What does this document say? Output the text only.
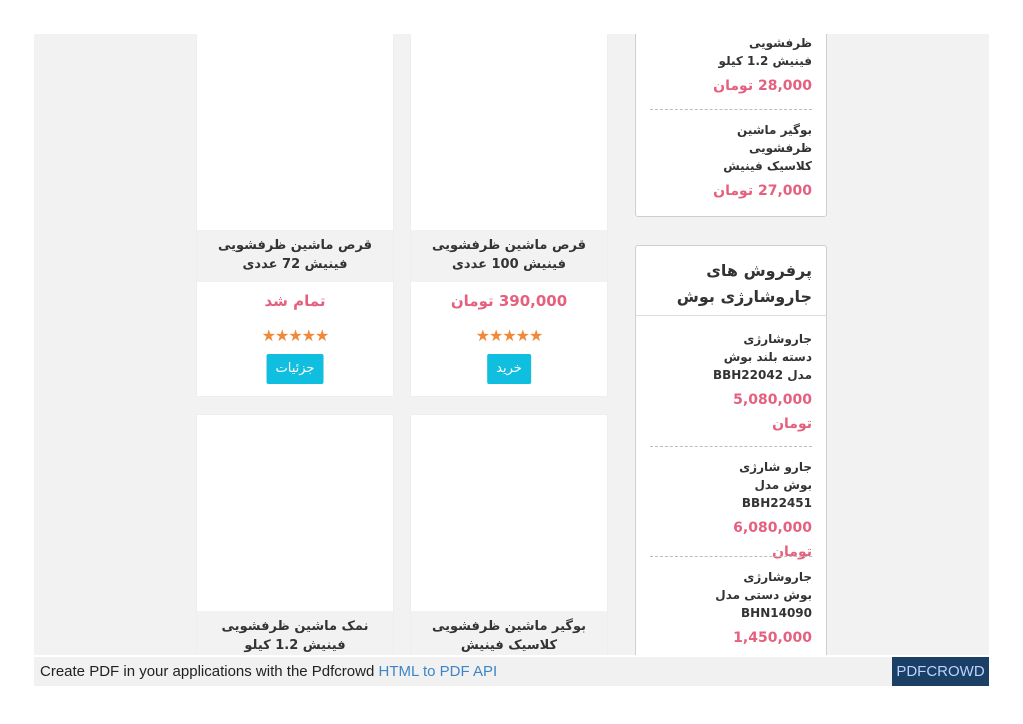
قرص ماشین ظرفشویی فینیش 100 عددی
390,000 تومان
★★★★★
خرید
قرص ماشین ظرفشویی فینیش 72 عددی
تمام شد
★★★★★
جزئیات
بوگیر ماشین ظرفشویی کلاسیک فینیش
نمک ماشین ظرفشویی فینیش 1.2 کیلو
ظرفشویی فینیش 1.2 کیلو
28,000 تومان
بوگیر ماشین ظرفشویی کلاسیک فینیش
27,000 تومان
پرفروش های جاروشارژی بوش
جاروشارژی دسته بلند بوش مدل BBH22042
5,080,000 تومان
جارو شارژی بوش مدل BBH22451
6,080,000 تومان
جاروشارژی بوش دستی مدل BHN14090
1,450,000
Create PDF in your applications with the Pdfcrowd HTML to PDF API	PDFCROWD
